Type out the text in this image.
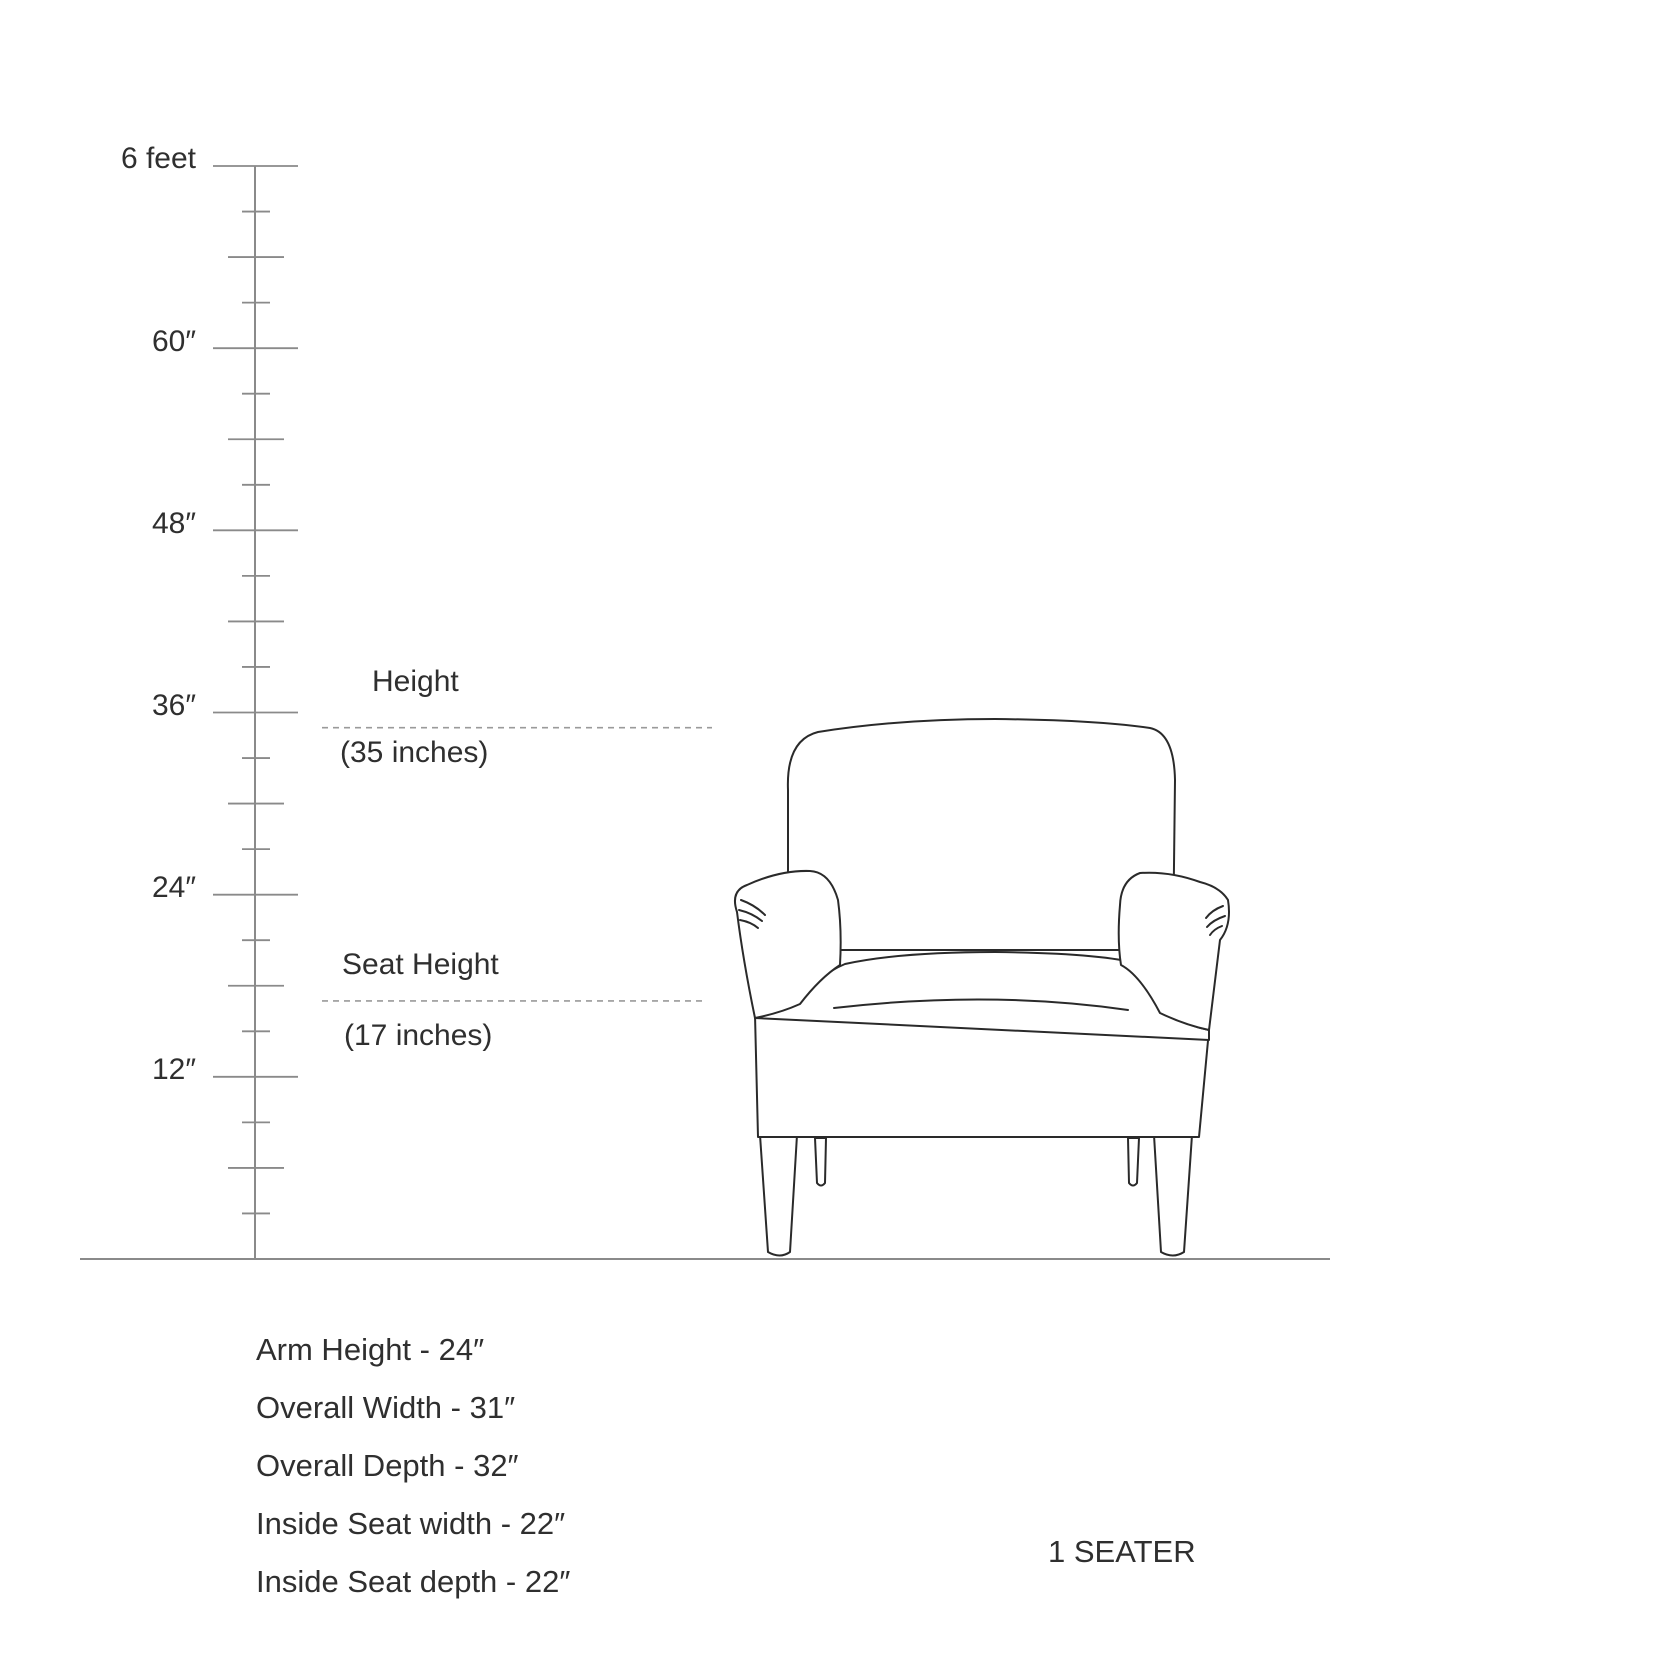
6 feet
60″
48″
36″
24″
12″
Height
(35 inches)
Seat Height
(17 inches)
Arm Height - 24″
Overall Width - 31″
Overall Depth - 32″
Inside Seat width - 22″
Inside Seat depth - 22″
1 SEATER
